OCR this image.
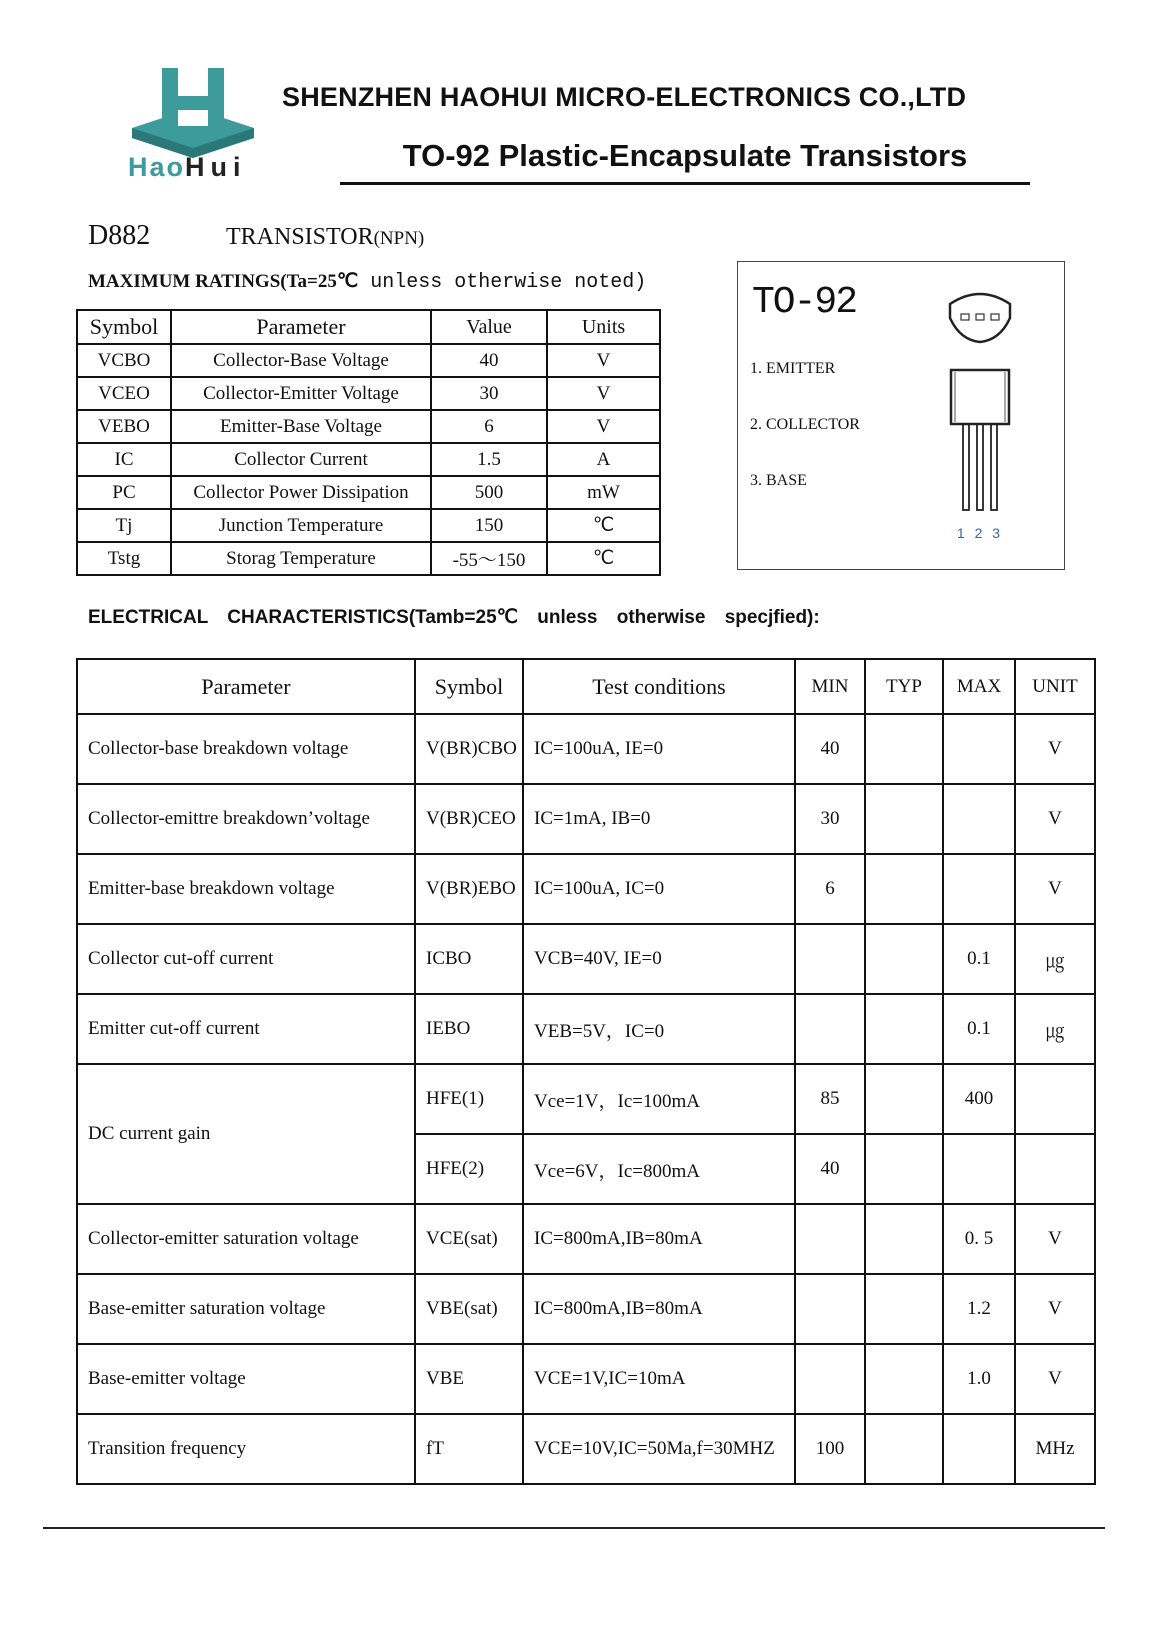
HaoHui
SHENZHEN HAOHUI MICRO-ELECTRONICS CO.,LTD
TO-92 Plastic-Encapsulate Transistors
D882	TRANSISTOR(NPN)
MAXIMUM RATINGS(Ta=25℃ unless otherwise noted)
Symbol	Parameter	Value	Units
VCBO	Collector-Base Voltage	40	V
VCEO	Collector-Emitter Voltage	30	V
VEBO	Emitter-Base Voltage	6	V
IC	Collector Current	1.5	A
PC	Collector Power Dissipation	500	mW
Tj	Junction Temperature	150	℃
Tstg	Storag Temperature	-55～150	℃
TO-92
1. EMITTER
2. COLLECTOR
3. BASE
1 2 3
ELECTRICAL CHARACTERISTICS(Tamb=25℃ unless otherwise specjfied):
Parameter	Symbol	Test conditions	MIN	TYP	MAX	UNIT
Collector-base breakdown voltage	V(BR)CBO	IC=100uA, IE=0	40			V
Collector-emittre breakdown’voltage	V(BR)CEO	IC=1mA, IB=0	30			V
Emitter-base breakdown voltage	V(BR)EBO	IC=100uA, IC=0	6			V
Collector cut-off current	ICBO	VCB=40V, IE=0			0.1	㎍
Emitter cut-off current	IEBO	VEB=5V，IC=0			0.1	㎍
DC current gain	HFE(1)	Vce=1V，Ic=100mA	85		400	
	HFE(2)	Vce=6V，Ic=800mA	40			
Collector-emitter saturation voltage	VCE(sat)	IC=800mA,IB=80mA			0. 5	V
Base-emitter saturation voltage	VBE(sat)	IC=800mA,IB=80mA			1.2	V
Base-emitter voltage	VBE	VCE=1V,IC=10mA			1.0	V
Transition frequency	fT	VCE=10V,IC=50Ma,f=30MHZ	100			MHz
